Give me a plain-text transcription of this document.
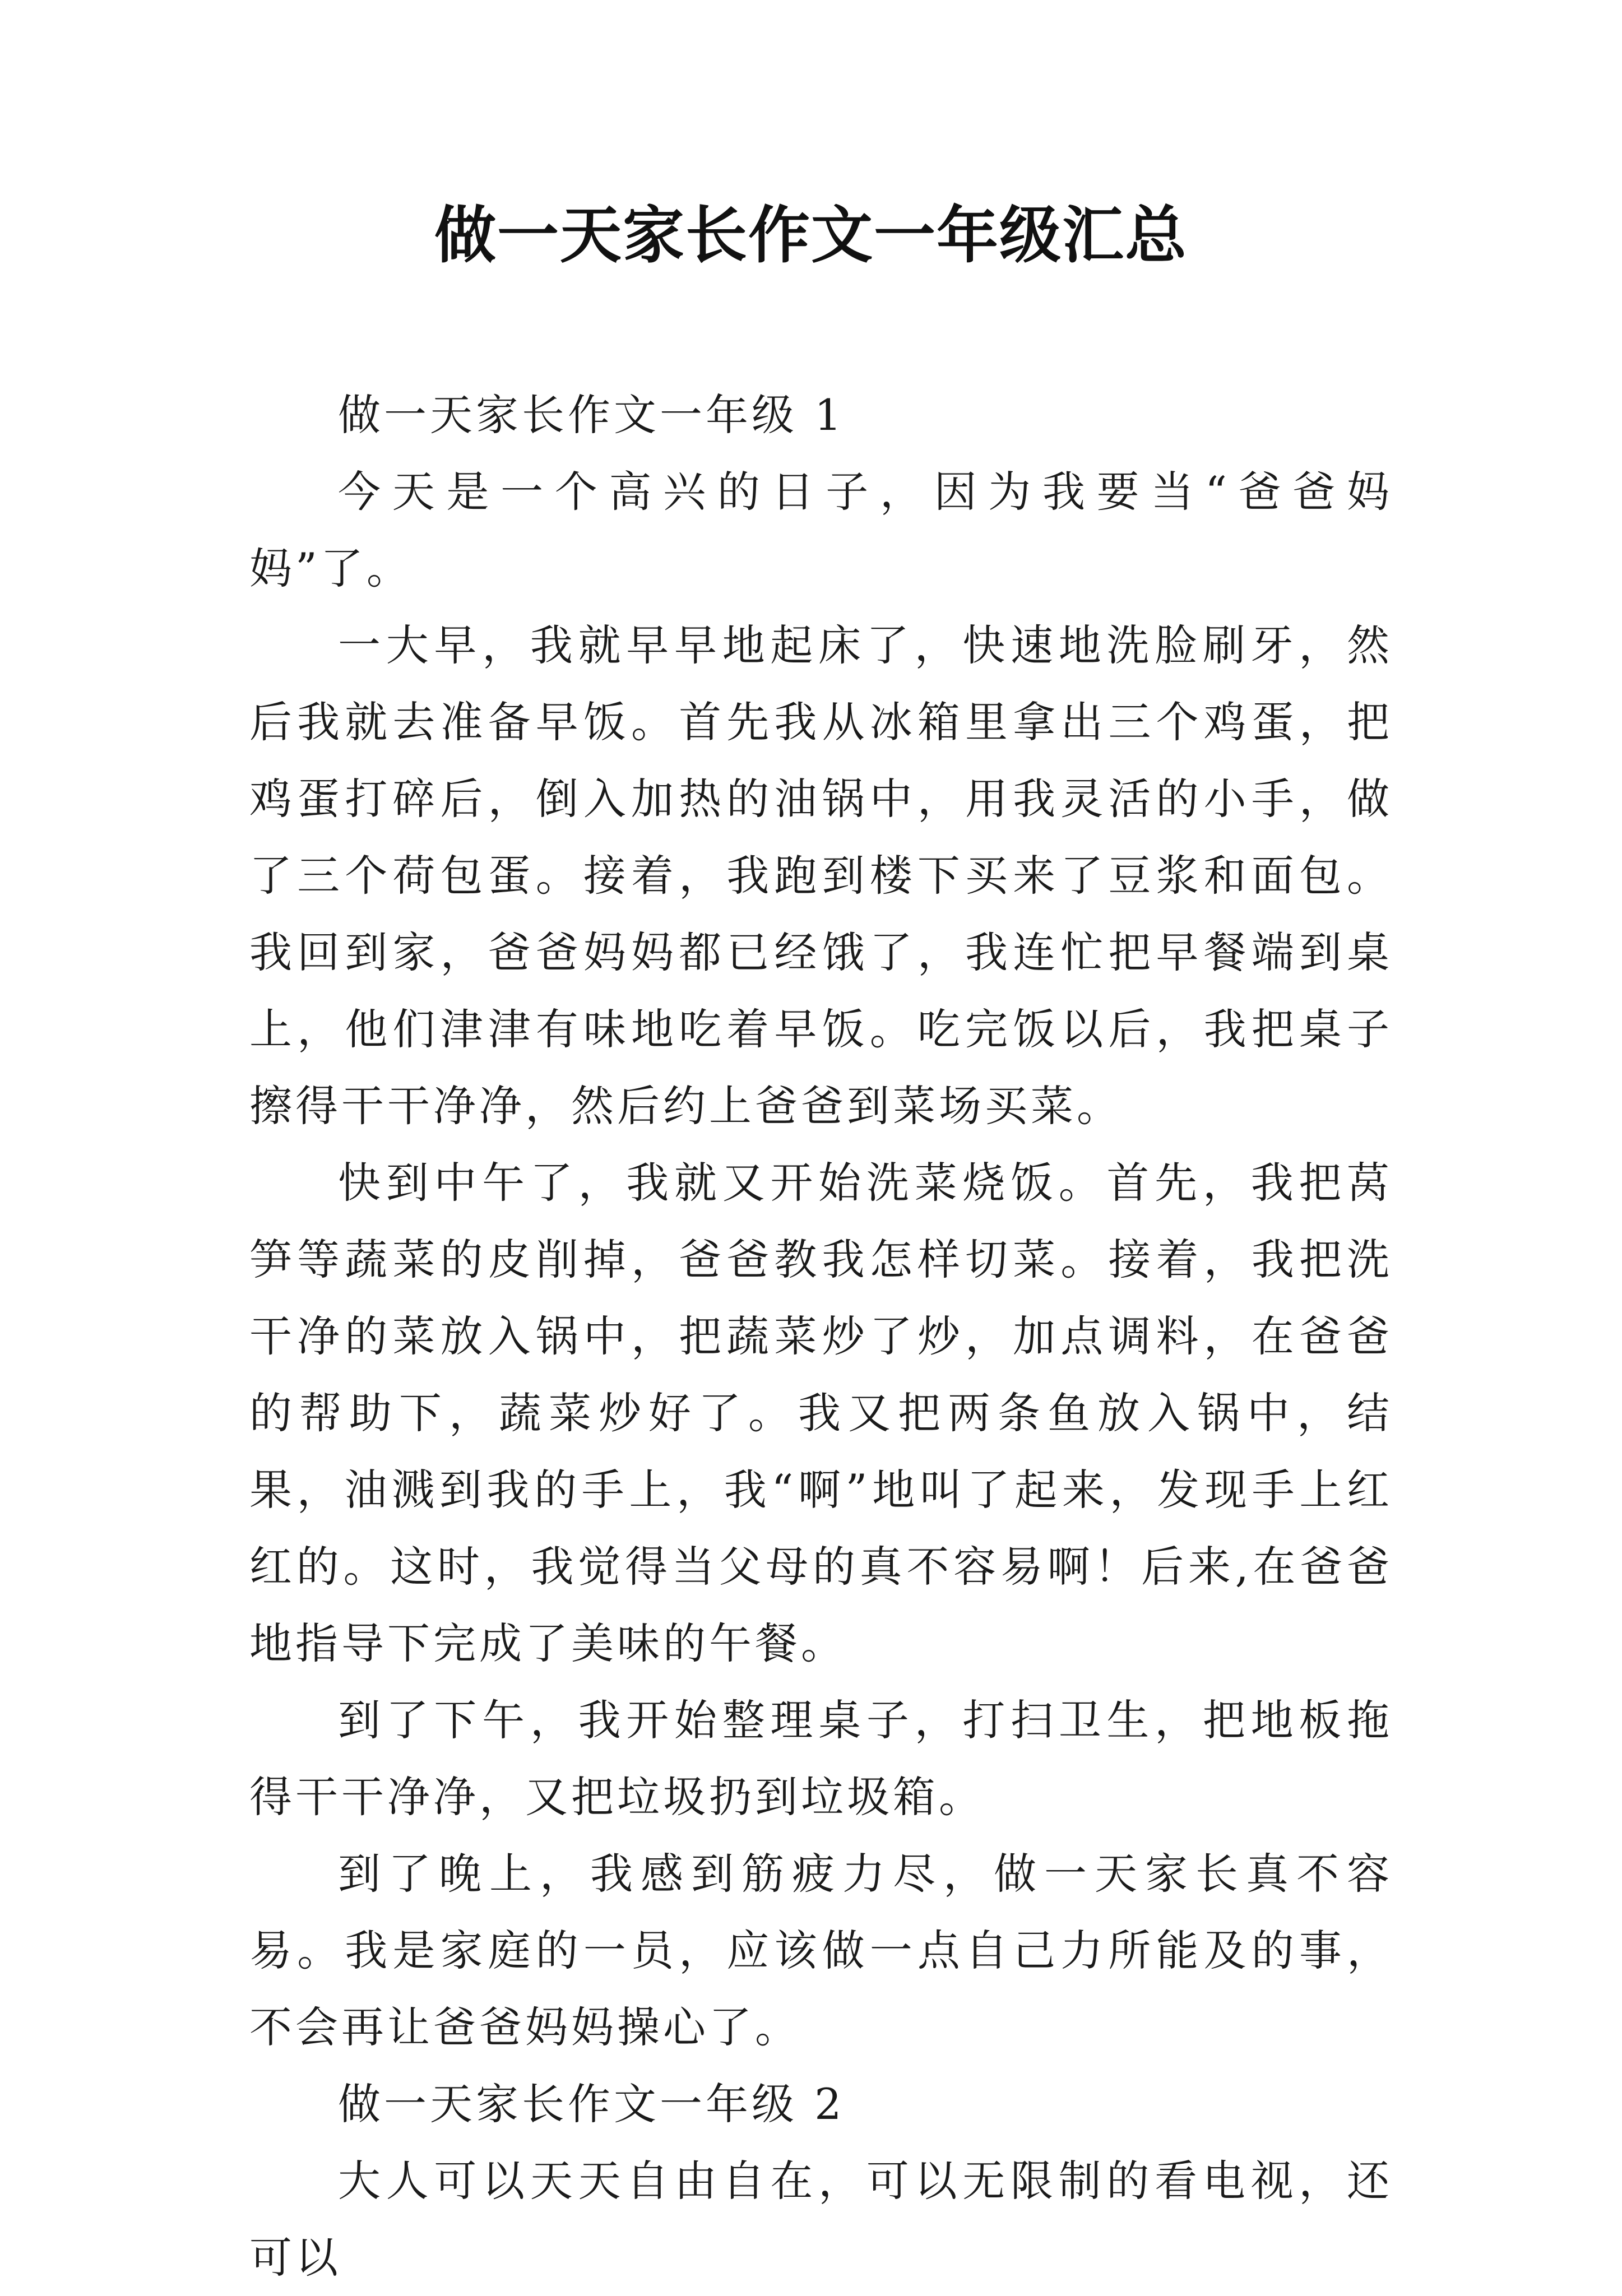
做一天家长作文一年级汇总

做一天家长作文一年级 1

今天是一个高兴的日子，因为我要当“爸爸妈妈”了。

一大早，我就早早地起床了，快速地洗脸刷牙，然后我就去准备早饭。首先我从冰箱里拿出三个鸡蛋，把鸡蛋打碎后，倒入加热的油锅中，用我灵活的小手，做了三个荷包蛋。接着，我跑到楼下买来了豆浆和面包。我回到家，爸爸妈妈都已经饿了，我连忙把早餐端到桌上，他们津津有味地吃着早饭。吃完饭以后，我把桌子擦得干干净净，然后约上爸爸到菜场买菜。

快到中午了，我就又开始洗菜烧饭。首先，我把莴笋等蔬菜的皮削掉，爸爸教我怎样切菜。接着，我把洗干净的菜放入锅中，把蔬菜炒了炒，加点调料，在爸爸的帮助下，蔬菜炒好了。我又把两条鱼放入锅中，结果，油溅到我的手上，我“啊”地叫了起来，发现手上红红的。这时，我觉得当父母的真不容易啊！后来,在爸爸地指导下完成了美味的午餐。

到了下午，我开始整理桌子，打扫卫生，把地板拖得干干净净，又把垃圾扔到垃圾箱。

到了晚上，我感到筋疲力尽，做一天家长真不容易。我是家庭的一员，应该做一点自己力所能及的事，不会再让爸爸妈妈操心了。

做一天家长作文一年级 2

大人可以天天自由自在，可以无限制的看电视，还可以
